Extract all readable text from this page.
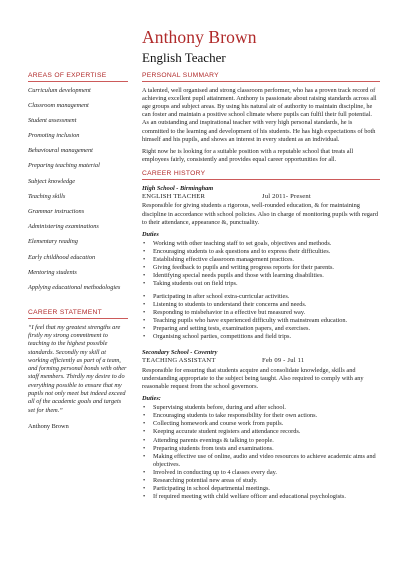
Anthony Brown
English Teacher
AREAS OF EXPERTISE
Curriculum development
Classroom management
Student assessment
Promoting inclusion
Behavioural management
Preparing teaching material
Subject knowledge
Teaching skills
Grammar instructions
Administering examinations
Elementary reading
Early childhood education
Mentoring students
Applying educational methodologies
CAREER STATEMENT
“I feel that my greatest strengths are firstly my strong commitment to teaching to the highest possible standards. Secondly my skill at working efficiently as part of a team, and forming personal bonds with other staff members. Thirdly my desire to do everything possible to ensure that my pupils not only meet but indeed exceed all of the academic goals and targets set for them.”
Anthony Brown
PERSONAL SUMMARY

A talented, well organised and strong classroom performer, who has a proven track record of achieving excellent pupil attainment. Anthony is passionate about raising standards across all age groups and subject areas. By using his natural air of authority to maintain discipline, he can foster and maintain a positive school climate where pupils can fulfil their full potential. As an outstanding and inspirational teacher with very high personal standards, he is committed to the learning and development of his students. He has high expectations of both himself and his pupils, and shows an interest in every student as an individual.

Right now he is looking for a suitable position with a reputable school that treats all employees fairly, consistently and provides equal career opportunities for all.

CAREER HISTORY
High School - Birmingham
ENGLISH TEACHER	Jul 2011- Present

Responsible for giving students a rigorous, well-rounded education, & for maintaining discipline in accordance with school policies. Also in charge of monitoring pupils with regard to their attendance, appearance &, punctuality.

Duties
• Working with other teaching staff to set goals, objectives and methods.
• Encouraging students to ask questions and to express their difficulties.
• Establishing effective classroom management practices.
• Giving feedback to pupils and writing progress reports for their parents.
• Identifying special needs pupils and those with learning disabilities.
• Taking students out on field trips.
• Participating in after school extra-curricular activities.
• Listening to students to understand their concerns and needs.
• Responding to misbehavior in a effective but measured way.
• Teaching pupils who have experienced difficulty with mainstream education.
• Preparing and setting tests, examination papers, and exercises.
• Organising school parties, competitions and field trips.
Secondary School - Coventry
TEACHING ASSISTANT	Feb 09 - Jul 11

Responsible for ensuring that students acquire and consolidate knowledge, skills and understanding appropriate to the subject being taught. Also required to comply with any reasonable request from the school governors.

Duties:
• Supervising students before, during and after school.
• Encouraging students to take responsibility for their own actions.
• Collecting homework and course work from pupils.
• Keeping accurate student registers and attendance records.
• Attending parents evenings & talking to people.
• Preparing students from tests and examinations.
• Making effective use of online, audio and video resources to achieve academic aims and objectives.
• Involved in conducting up to 4 classes every day.
• Researching potential new areas of study.
• Participating in school departmental meetings.
• If required meeting with child welfare officer and educational psychologists.
